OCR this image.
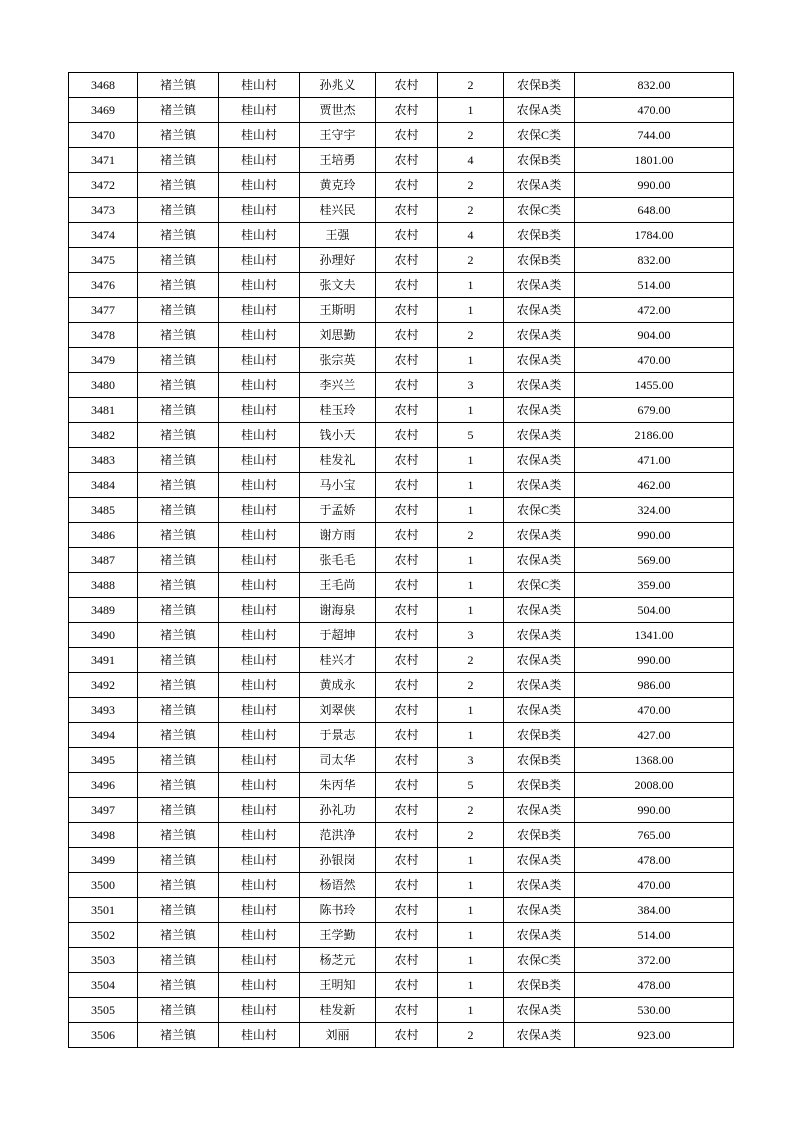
3468	褚兰镇	桂山村	孙兆义	农村	2	农保B类	832.00
3469	褚兰镇	桂山村	贾世杰	农村	1	农保A类	470.00
3470	褚兰镇	桂山村	王守宇	农村	2	农保C类	744.00
3471	褚兰镇	桂山村	王培勇	农村	4	农保B类	1801.00
3472	褚兰镇	桂山村	黄克玲	农村	2	农保A类	990.00
3473	褚兰镇	桂山村	桂兴民	农村	2	农保C类	648.00
3474	褚兰镇	桂山村	王强	农村	4	农保B类	1784.00
3475	褚兰镇	桂山村	孙理好	农村	2	农保B类	832.00
3476	褚兰镇	桂山村	张文夫	农村	1	农保A类	514.00
3477	褚兰镇	桂山村	王斯明	农村	1	农保A类	472.00
3478	褚兰镇	桂山村	刘思勤	农村	2	农保A类	904.00
3479	褚兰镇	桂山村	张宗英	农村	1	农保A类	470.00
3480	褚兰镇	桂山村	李兴兰	农村	3	农保A类	1455.00
3481	褚兰镇	桂山村	桂玉玲	农村	1	农保A类	679.00
3482	褚兰镇	桂山村	钱小天	农村	5	农保A类	2186.00
3483	褚兰镇	桂山村	桂发礼	农村	1	农保A类	471.00
3484	褚兰镇	桂山村	马小宝	农村	1	农保A类	462.00
3485	褚兰镇	桂山村	于孟娇	农村	1	农保C类	324.00
3486	褚兰镇	桂山村	谢方雨	农村	2	农保A类	990.00
3487	褚兰镇	桂山村	张毛毛	农村	1	农保A类	569.00
3488	褚兰镇	桂山村	王毛尚	农村	1	农保C类	359.00
3489	褚兰镇	桂山村	谢海泉	农村	1	农保A类	504.00
3490	褚兰镇	桂山村	于超坤	农村	3	农保A类	1341.00
3491	褚兰镇	桂山村	桂兴才	农村	2	农保A类	990.00
3492	褚兰镇	桂山村	黄成永	农村	2	农保A类	986.00
3493	褚兰镇	桂山村	刘翠侠	农村	1	农保A类	470.00
3494	褚兰镇	桂山村	于景志	农村	1	农保B类	427.00
3495	褚兰镇	桂山村	司太华	农村	3	农保B类	1368.00
3496	褚兰镇	桂山村	朱丙华	农村	5	农保B类	2008.00
3497	褚兰镇	桂山村	孙礼功	农村	2	农保A类	990.00
3498	褚兰镇	桂山村	范洪净	农村	2	农保B类	765.00
3499	褚兰镇	桂山村	孙银岗	农村	1	农保A类	478.00
3500	褚兰镇	桂山村	杨语然	农村	1	农保A类	470.00
3501	褚兰镇	桂山村	陈书玲	农村	1	农保A类	384.00
3502	褚兰镇	桂山村	王学勤	农村	1	农保A类	514.00
3503	褚兰镇	桂山村	杨芝元	农村	1	农保C类	372.00
3504	褚兰镇	桂山村	王明知	农村	1	农保B类	478.00
3505	褚兰镇	桂山村	桂发新	农村	1	农保A类	530.00
3506	褚兰镇	桂山村	刘丽	农村	2	农保A类	923.00
